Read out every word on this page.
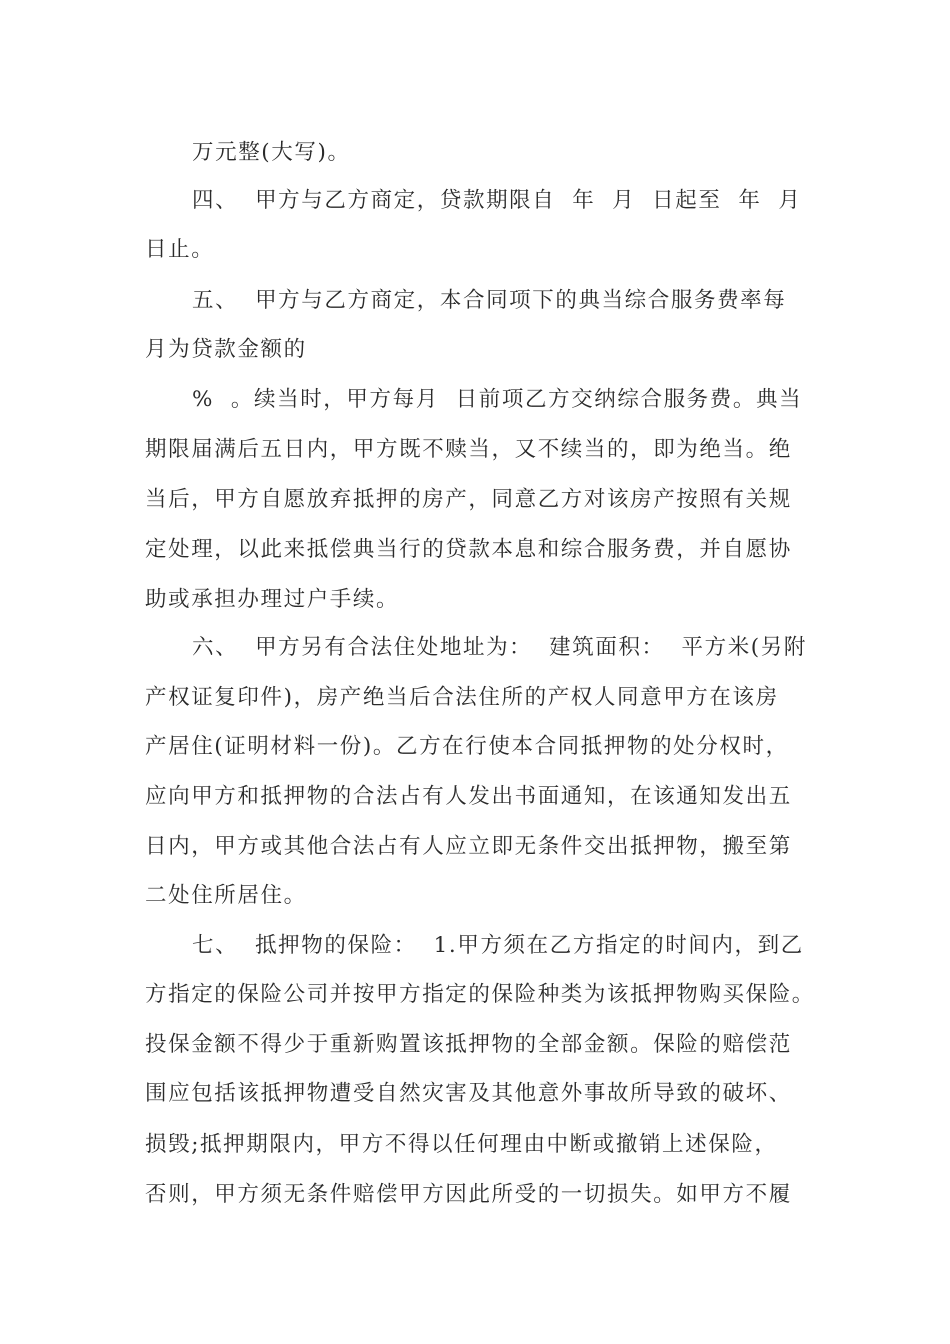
万元整(大写)。
四、  甲方与乙方商定，贷款期限自  年  月  日起至  年  月
日止。
五、  甲方与乙方商定，本合同项下的典当综合服务费率每
月为贷款金额的
%  。续当时，甲方每月  日前项乙方交纳综合服务费。典当
期限届满后五日内，甲方既不赎当，又不续当的，即为绝当。绝
当后，甲方自愿放弃抵押的房产，同意乙方对该房产按照有关规
定处理，以此来抵偿典当行的贷款本息和综合服务费，并自愿协
助或承担办理过户手续。
六、  甲方另有合法住处地址为：  建筑面积：  平方米(另附
产权证复印件)，房产绝当后合法住所的产权人同意甲方在该房
产居住(证明材料一份)。乙方在行使本合同抵押物的处分权时，
应向甲方和抵押物的合法占有人发出书面通知，在该通知发出五
日内，甲方或其他合法占有人应立即无条件交出抵押物，搬至第
二处住所居住。
七、  抵押物的保险：  1.甲方须在乙方指定的时间内，到乙
方指定的保险公司并按甲方指定的保险种类为该抵押物购买保险。
投保金额不得少于重新购置该抵押物的全部金额。保险的赔偿范
围应包括该抵押物遭受自然灾害及其他意外事故所导致的破坏、
损毁;抵押期限内，甲方不得以任何理由中断或撤销上述保险，
否则，甲方须无条件赔偿甲方因此所受的一切损失。如甲方不履
